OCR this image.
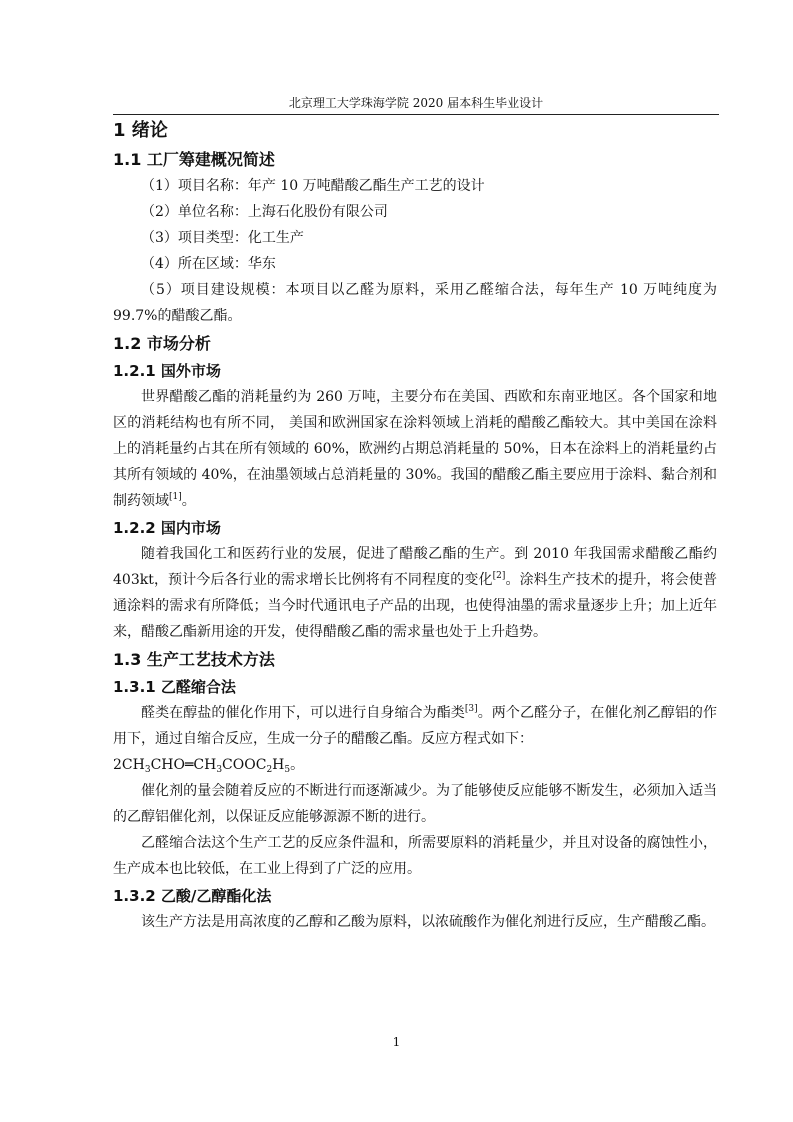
北京理工大学珠海学院 2020 届本科生毕业设计
1 绪论
1.1 工厂筹建概况简述

（1）项目名称：年产 10 万吨醋酸乙酯生产工艺的设计

（2）单位名称：上海石化股份有限公司

（3）项目类型：化工生产

（4）所在区域：华东

（5）项目建设规模：本项目以乙醛为原料，采用乙醛缩合法，每年生产 10 万吨纯度为 99.7%的醋酸乙酯。

1.2 市场分析
1.2.1 国外市场

世界醋酸乙酯的消耗量约为 260 万吨，主要分布在美国、西欧和东南亚地区。各个国家和地区的消耗结构也有所不同， 美国和欧洲国家在涂料领域上消耗的醋酸乙酯较大。其中美国在涂料上的消耗量约占其在所有领域的 60%，欧洲约占期总消耗量的 50%，日本在涂料上的消耗量约占其所有领域的 40%，在油墨领域占总消耗量的 30%。我国的醋酸乙酯主要应用于涂料、黏合剂和制药领域[1]。

1.2.2 国内市场

随着我国化工和医药行业的发展，促进了醋酸乙酯的生产。到 2010 年我国需求醋酸乙酯约 403kt，预计今后各行业的需求增长比例将有不同程度的变化[2]。涂料生产技术的提升，将会使普通涂料的需求有所降低；当今时代通讯电子产品的出现，也使得油墨的需求量逐步上升；加上近年来，醋酸乙酯新用途的开发，使得醋酸乙酯的需求量也处于上升趋势。

1.3 生产工艺技术方法
1.3.1 乙醛缩合法

醛类在醇盐的催化作用下，可以进行自身缩合为酯类[3]。两个乙醛分子，在催化剂乙醇铝的作用下，通过自缩合反应，生成一分子的醋酸乙酯。反应方程式如下：

$2CH_3CHO═CH_3COOC_2H_5$。

催化剂的量会随着反应的不断进行而逐渐减少。为了能够使反应能够不断发生，必须加入适当的乙醇铝催化剂，以保证反应能够源源不断的进行。

乙醛缩合法这个生产工艺的反应条件温和，所需要原料的消耗量少，并且对设备的腐蚀性小，生产成本也比较低，在工业上得到了广泛的应用。

1.3.2 乙酸/乙醇酯化法

该生产方法是用高浓度的乙醇和乙酸为原料，以浓硫酸作为催化剂进行反应，生产醋酸乙酯。

1
